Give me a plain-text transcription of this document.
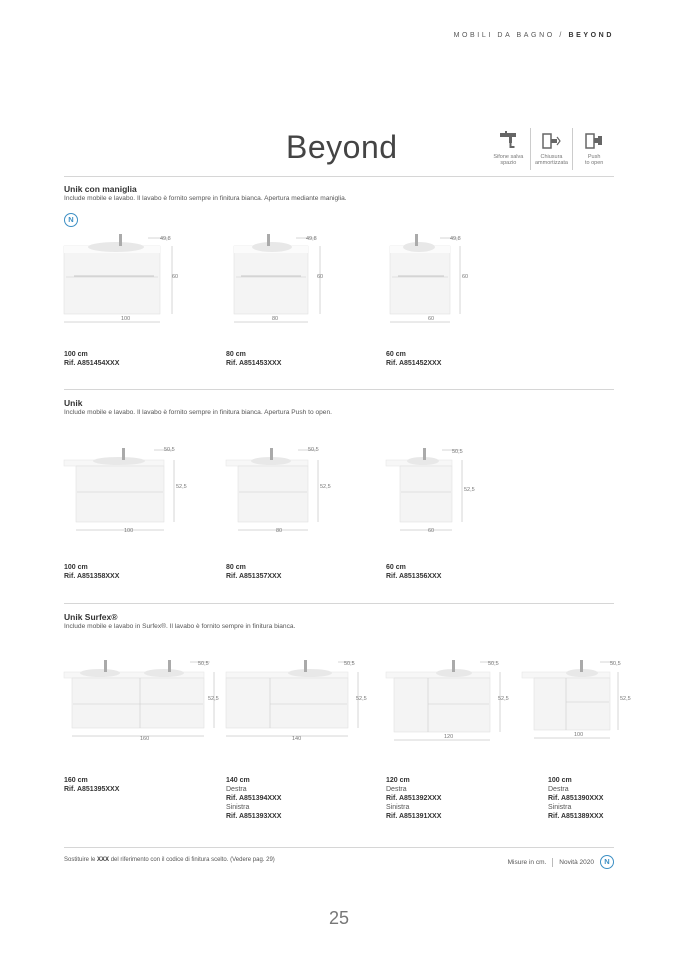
MOBILI DA BAGNO / BEYOND
Beyond	Sifone salva
spazio
Chiusura
ammortizzata
Push
to open
Unik con maniglia
Include mobile e lavabo. Il lavabo è fornito sempre in finitura bianca. Apertura mediante maniglia.
N
100
60
49,8
80
60
49,8
60
60
49,8
100 cm
Rif. A851454XXX
80 cm
Rif. A851453XXX
60 cm
Rif. A851452XXX
Unik
Include mobile e lavabo. Il lavabo è fornito sempre in finitura bianca. Apertura Push to open.
100
52,5
50,5
80
52,5
50,5
60
52,5
50,5
100 cm
Rif. A851358XXX
80 cm
Rif. A851357XXX
60 cm
Rif. A851356XXX
Unik Surfex®
Include mobile e lavabo in Surfex®. Il lavabo è fornito sempre in finitura bianca.
160
52,5
50,5
140
52,5
50,5
120
52,5
50,5
100
52,5
50,5
160 cm
Rif. A851395XXX
140 cm
Destra
Rif. A851394XXX
Sinistra
Rif. A851393XXX
120 cm
Destra
Rif. A851392XXX
Sinistra
Rif. A851391XXX
100 cm
Destra
Rif. A851390XXX
Sinistra
Rif. A851389XXX
Sostituire le XXX del riferimento con il codice di finitura scelto. (Vedere pag. 29)	Misure in cm. Novità 2020	N
25
